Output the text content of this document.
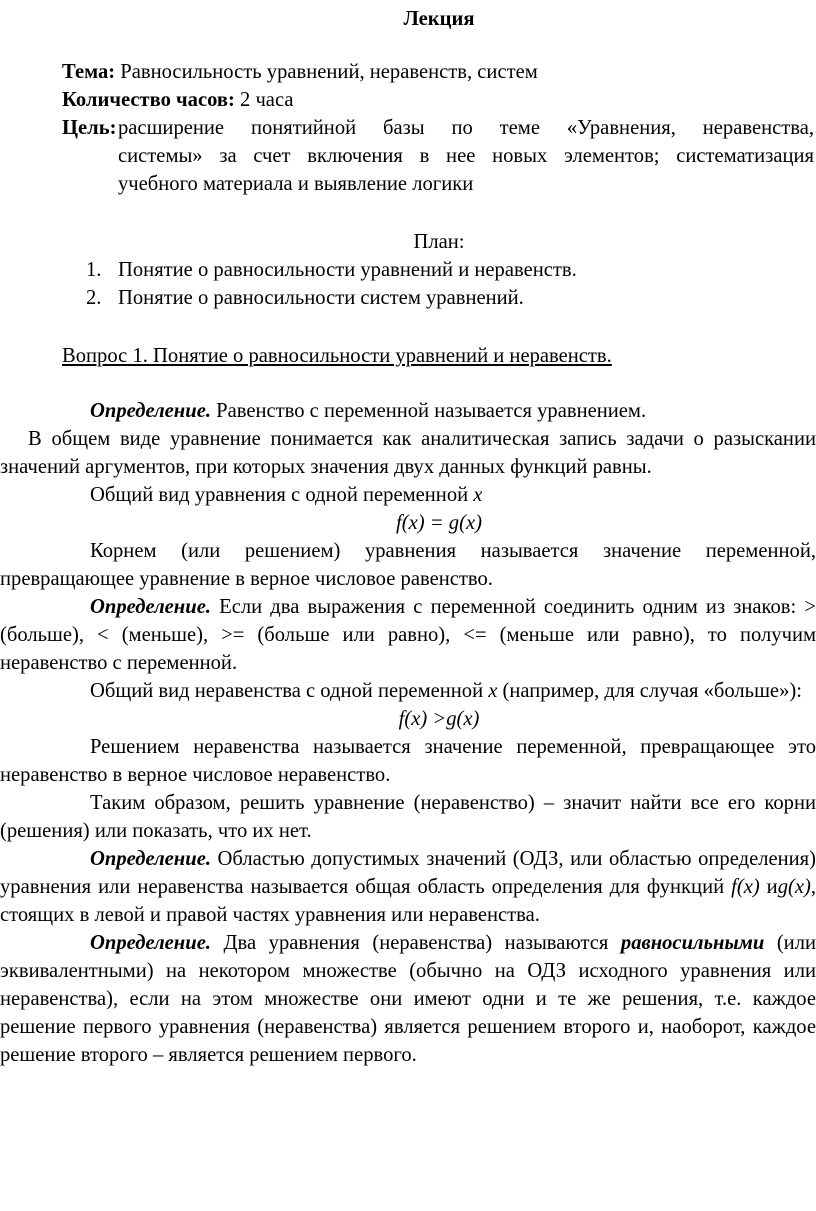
Лекция

Тема: Равносильность уравнений, неравенств, систем

Количество часов: 2 часа

Цель: расширение понятийной базы по теме «Уравнения, неравенства,
системы» за счет включения в нее новых элементов; систематизация
учебного материала и выявление логики

План:

1. Понятие о равносильности уравнений и неравенств.
2. Понятие о равносильности систем уравнений.

Вопрос 1. Понятие о равносильности уравнений и неравенств.

Определение. Равенство с переменной называется уравнением.

В общем виде уравнение понимается как аналитическая запись задачи о разыскании значений аргументов, при которых значения двух данных функций равны.

Общий вид уравнения с одной переменной x

f(x) = g(x)

Корнем (или решением) уравнения называется значение переменной, превращающее уравнение в верное числовое равенство.

Определение. Если два выражения с переменной соединить одним из знаков: > (больше), < (меньше), >= (больше или равно), <= (меньше или равно), то получим неравенство с переменной.

Общий вид неравенства с одной переменной x (например, для случая «больше»):

f(x) >g(x)

Решением неравенства называется значение переменной, превращающее это неравенство в верное числовое неравенство.

Таким образом, решить уравнение (неравенство) – значит найти все его корни (решения) или показать, что их нет.

Определение. Областью допустимых значений (ОДЗ, или областью определения) уравнения или неравенства называется общая область определения для функций f(x) иg(x), стоящих в левой и правой частях уравнения или неравенства.

Определение. Два уравнения (неравенства) называются равносильными (или эквивалентными) на некотором множестве (обычно на ОДЗ исходного уравнения или неравенства), если на этом множестве они имеют одни и те же решения, т.е. каждое решение первого уравнения (неравенства) является решением второго и, наоборот, каждое решение второго – является решением первого.
